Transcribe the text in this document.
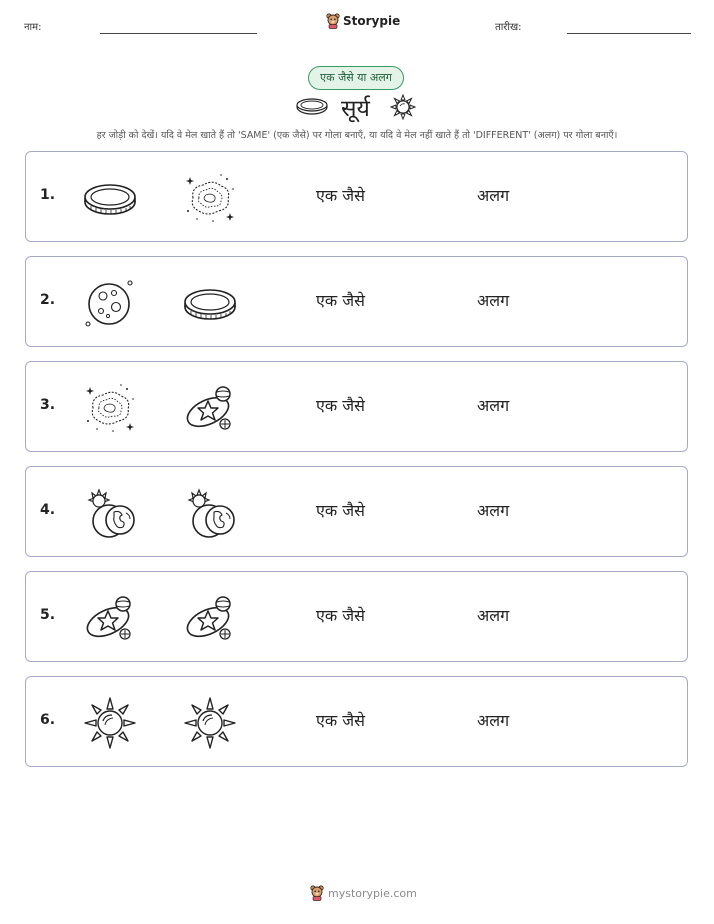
नाम:	Storypie	तारीख:
एक जैसे या अलग
सूर्य
हर जोड़ी को देखें। यदि वे मेल खाते हैं तो 'SAME' (एक जैसे) पर गोला बनाएँ, या यदि वे मेल नहीं खाते हैं तो 'DIFFERENT' (अलग) पर गोला बनाएँ।
1.	एक जैसे	अलग
2.	एक जैसे	अलग
3.	एक जैसे	अलग
4.	एक जैसे	अलग
5.	एक जैसे	अलग
6.	एक जैसे	अलग
mystorypie.com
